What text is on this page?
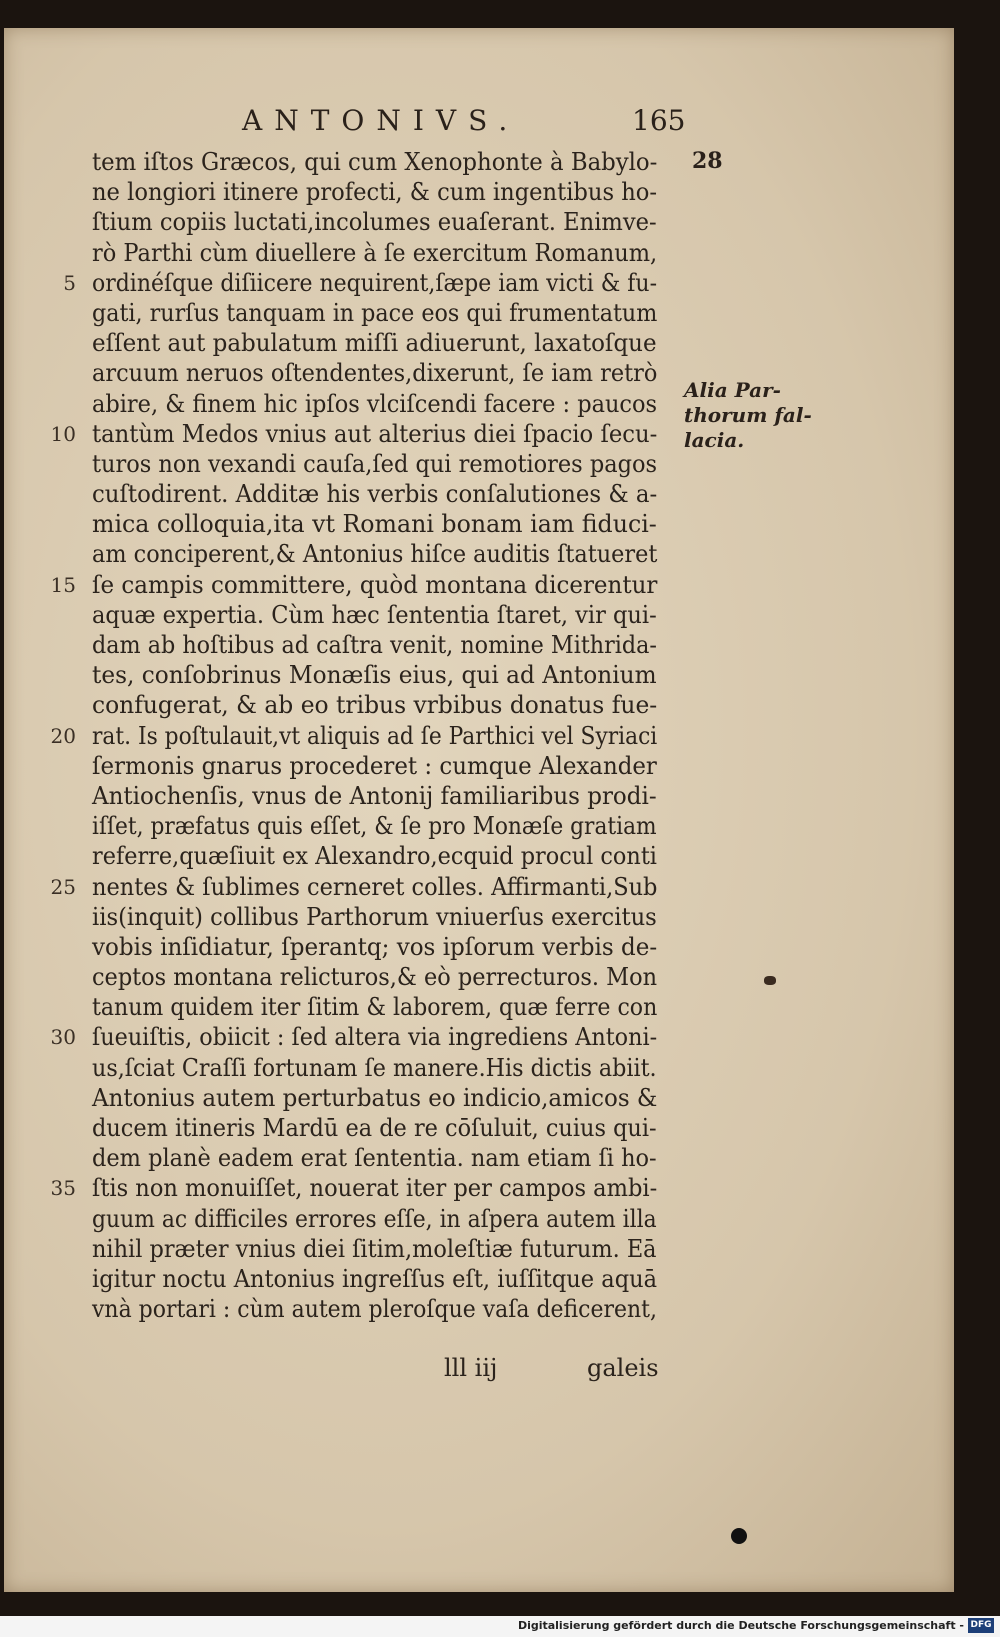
ANTONIVS.	165
28
Alia Par-
thorum fal-
lacia.
tem iſtos Græcos, qui cum Xenophonte à Babylo-
ne longiori itinere profecti, & cum ingentibus ho-
ſtium copiis luctati,incolumes euaſerant. Enimve-
rò Parthi cùm diuellere à ſe exercitum Romanum,
5 ordinéſque diſiicere nequirent,ſæpe iam victi & fu-
gati, rurſus tanquam in pace eos qui frumentatum
eſſent aut pabulatum miſſi adiuerunt, laxatoſque
arcuum neruos oſtendentes,dixerunt, ſe iam retrò
abire, & finem hic ipſos vlciſcendi facere : paucos
10 tantùm Medos vnius aut alterius diei ſpacio ſecu-
turos non vexandi cauſa,ſed qui remotiores pagos
cuſtodirent. Additæ his verbis conſalutiones & a-
mica colloquia,ita vt Romani bonam iam fiduci-
am conciperent,& Antonius hiſce auditis ſtatueret
15 ſe campis committere, quòd montana dicerentur
aquæ expertia. Cùm hæc ſententia ſtaret, vir qui-
dam ab hoſtibus ad caſtra venit, nomine Mithrida-
tes, conſobrinus Monæſis eius, qui ad Antonium
confugerat, & ab eo tribus vrbibus donatus fue-
20 rat. Is poſtulauit,vt aliquis ad ſe Parthici vel Syriaci
ſermonis gnarus procederet : cumque Alexander
Antiochenſis, vnus de Antonij familiaribus prodi-
iſſet, præfatus quis eſſet, & ſe pro Monæſe gratiam
referre,quæſiuit ex Alexandro,ecquid procul conti
25 nentes & ſublimes cerneret colles. Affirmanti,Sub
iis(inquit) collibus Parthorum vniuerſus exercitus
vobis inſidiatur, ſperantq; vos ipſorum verbis de-
ceptos montana relicturos,& eò perrecturos. Mon
tanum quidem iter ſitim & laborem, quæ ferre con
30 ſueuiſtis, obiicit : ſed altera via ingrediens Antoni-
us,ſciat Craſſi fortunam ſe manere.His dictis abiit.
Antonius autem perturbatus eo indicio,amicos &
ducem itineris Mardū ea de re cōſuluit, cuius qui-
dem planè eadem erat ſententia. nam etiam ſi ho-
35 ſtis non monuiſſet, nouerat iter per campos ambi-
guum ac difficiles errores eſſe, in aſpera autem illa
nihil præter vnius diei ſitim,moleſtiæ futurum. Eā
igitur noctu Antonius ingreſſus eſt, iuſſitque aquā
vnà portari : cùm autem pleroſque vaſa deficerent,
lll iij	galeis
Digitalisierung gefördert durch die Deutsche Forschungsgemeinschaft - DFG
